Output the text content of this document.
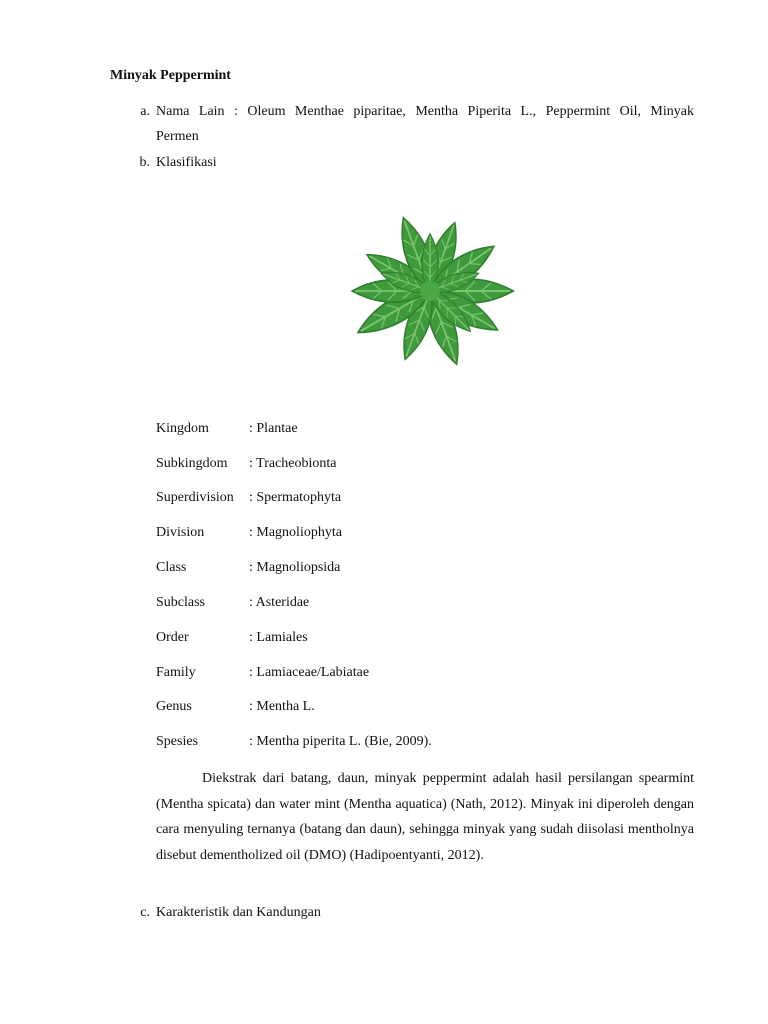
Minyak Peppermint
a. Nama Lain : Oleum Menthae piparitae, Mentha Piperita L., Peppermint Oil, Minyak
Permen
b. Klasifikasi
Kingdom	: Plantae
Subkingdom : Tracheobionta
Superdivision : Spermatophyta
Division	: Magnoliophyta
Class	: Magnoliopsida
Subclass	: Asteridae
Order	: Lamiales
Family	: Lamiaceae/Labiatae
Genus	: Mentha L.
Spesies	: Mentha piperita L. (Bie, 2009).
Diekstrak dari batang, daun, minyak peppermint adalah hasil persilangan spearmint (Mentha spicata) dan water mint (Mentha aquatica) (Nath, 2012). Minyak ini diperoleh dengan cara menyuling ternanya (batang dan daun), sehingga minyak yang sudah diisolasi mentholnya disebut dementholized oil (DMO) (Hadipoentyanti, 2012).
c. Karakteristik dan Kandungan
